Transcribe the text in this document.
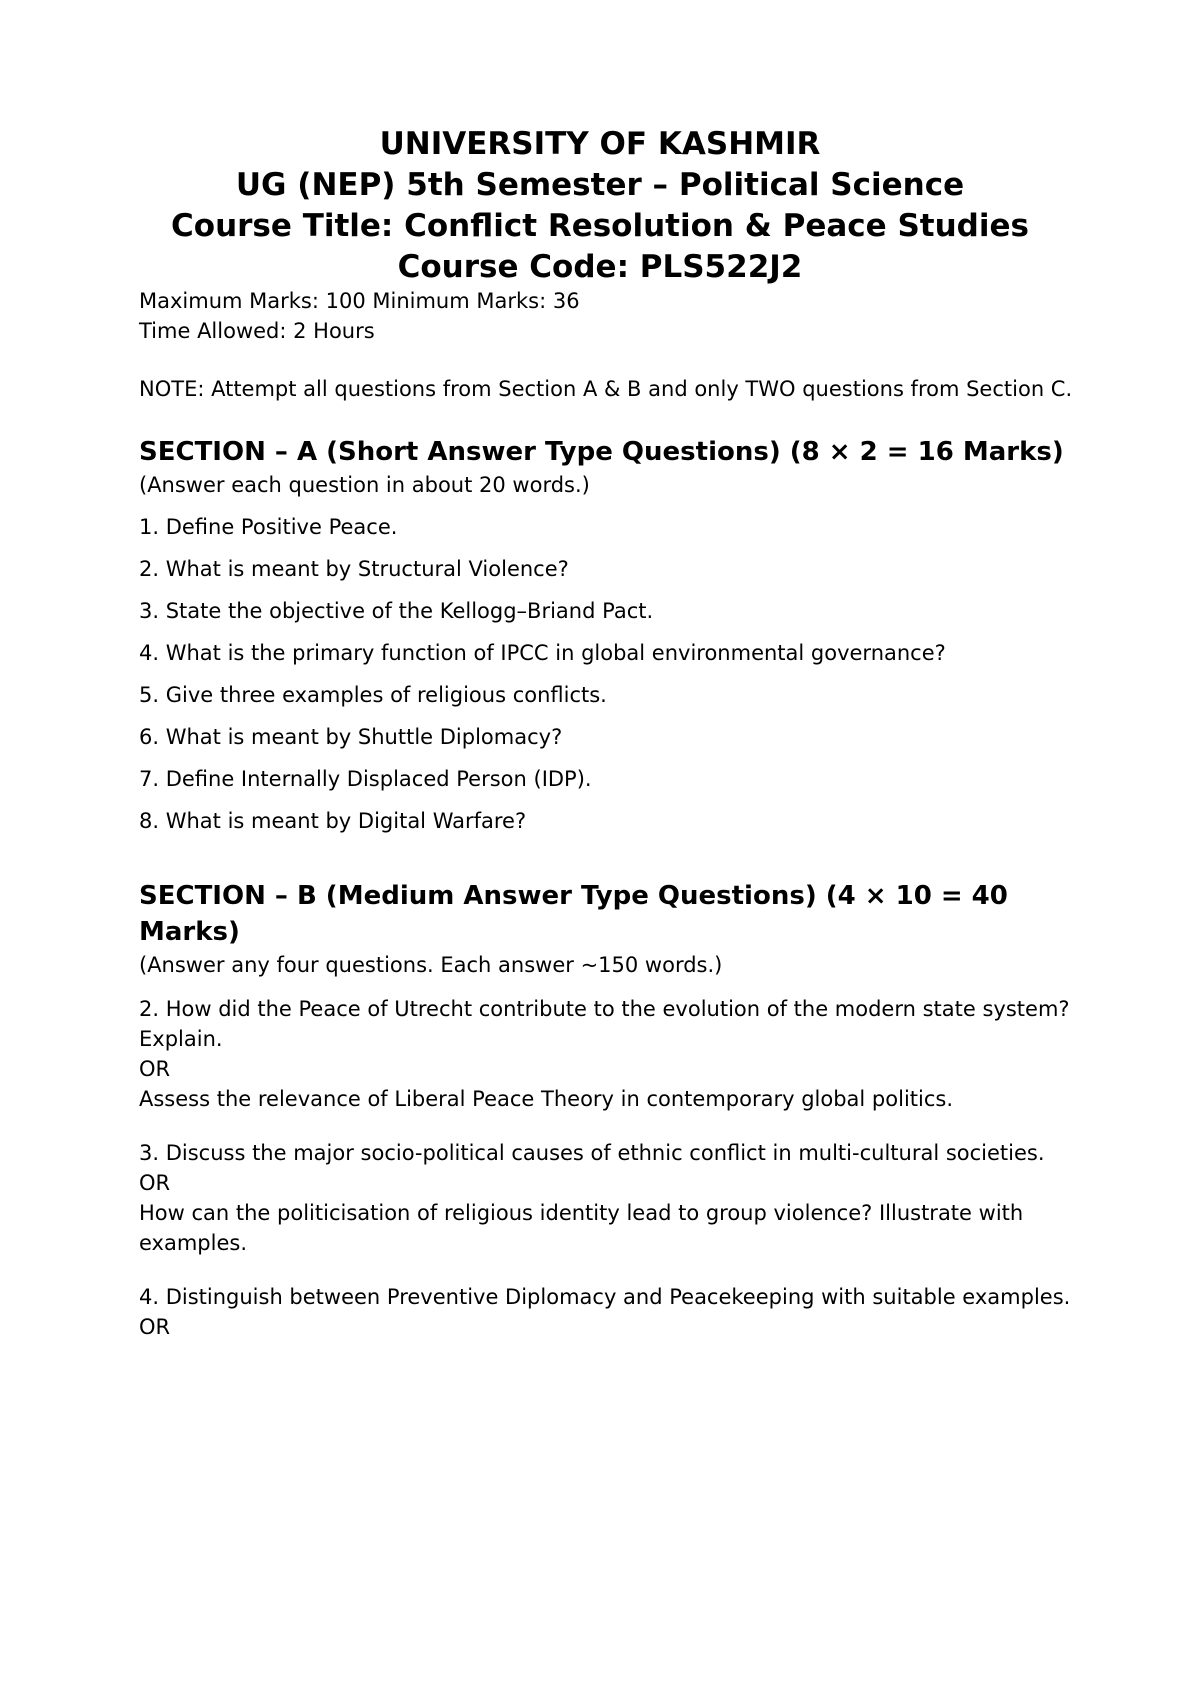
UNIVERSITY OF KASHMIR
UG (NEP) 5th Semester – Political Science
Course Title: Conflict Resolution & Peace Studies
Course Code: PLS522J2

Maximum Marks: 100 Minimum Marks: 36

Time Allowed: 2 Hours

NOTE: Attempt all questions from Section A & B and only TWO questions from Section C.

SECTION – A (Short Answer Type Questions) (8 × 2 = 16 Marks)

(Answer each question in about 20 words.)

1. Define Positive Peace.

2. What is meant by Structural Violence?

3. State the objective of the Kellogg–Briand Pact.

4. What is the primary function of IPCC in global environmental governance?

5. Give three examples of religious conflicts.

6. What is meant by Shuttle Diplomacy?

7. Define Internally Displaced Person (IDP).

8. What is meant by Digital Warfare?

SECTION – B (Medium Answer Type Questions) (4 × 10 = 40 Marks)

(Answer any four questions. Each answer ~150 words.)

2. How did the Peace of Utrecht contribute to the evolution of the modern state system? Explain.

OR

Assess the relevance of Liberal Peace Theory in contemporary global politics.

3. Discuss the major socio-political causes of ethnic conflict in multi-cultural societies.

OR

How can the politicisation of religious identity lead to group violence? Illustrate with examples.

4. Distinguish between Preventive Diplomacy and Peacekeeping with suitable examples.

OR
